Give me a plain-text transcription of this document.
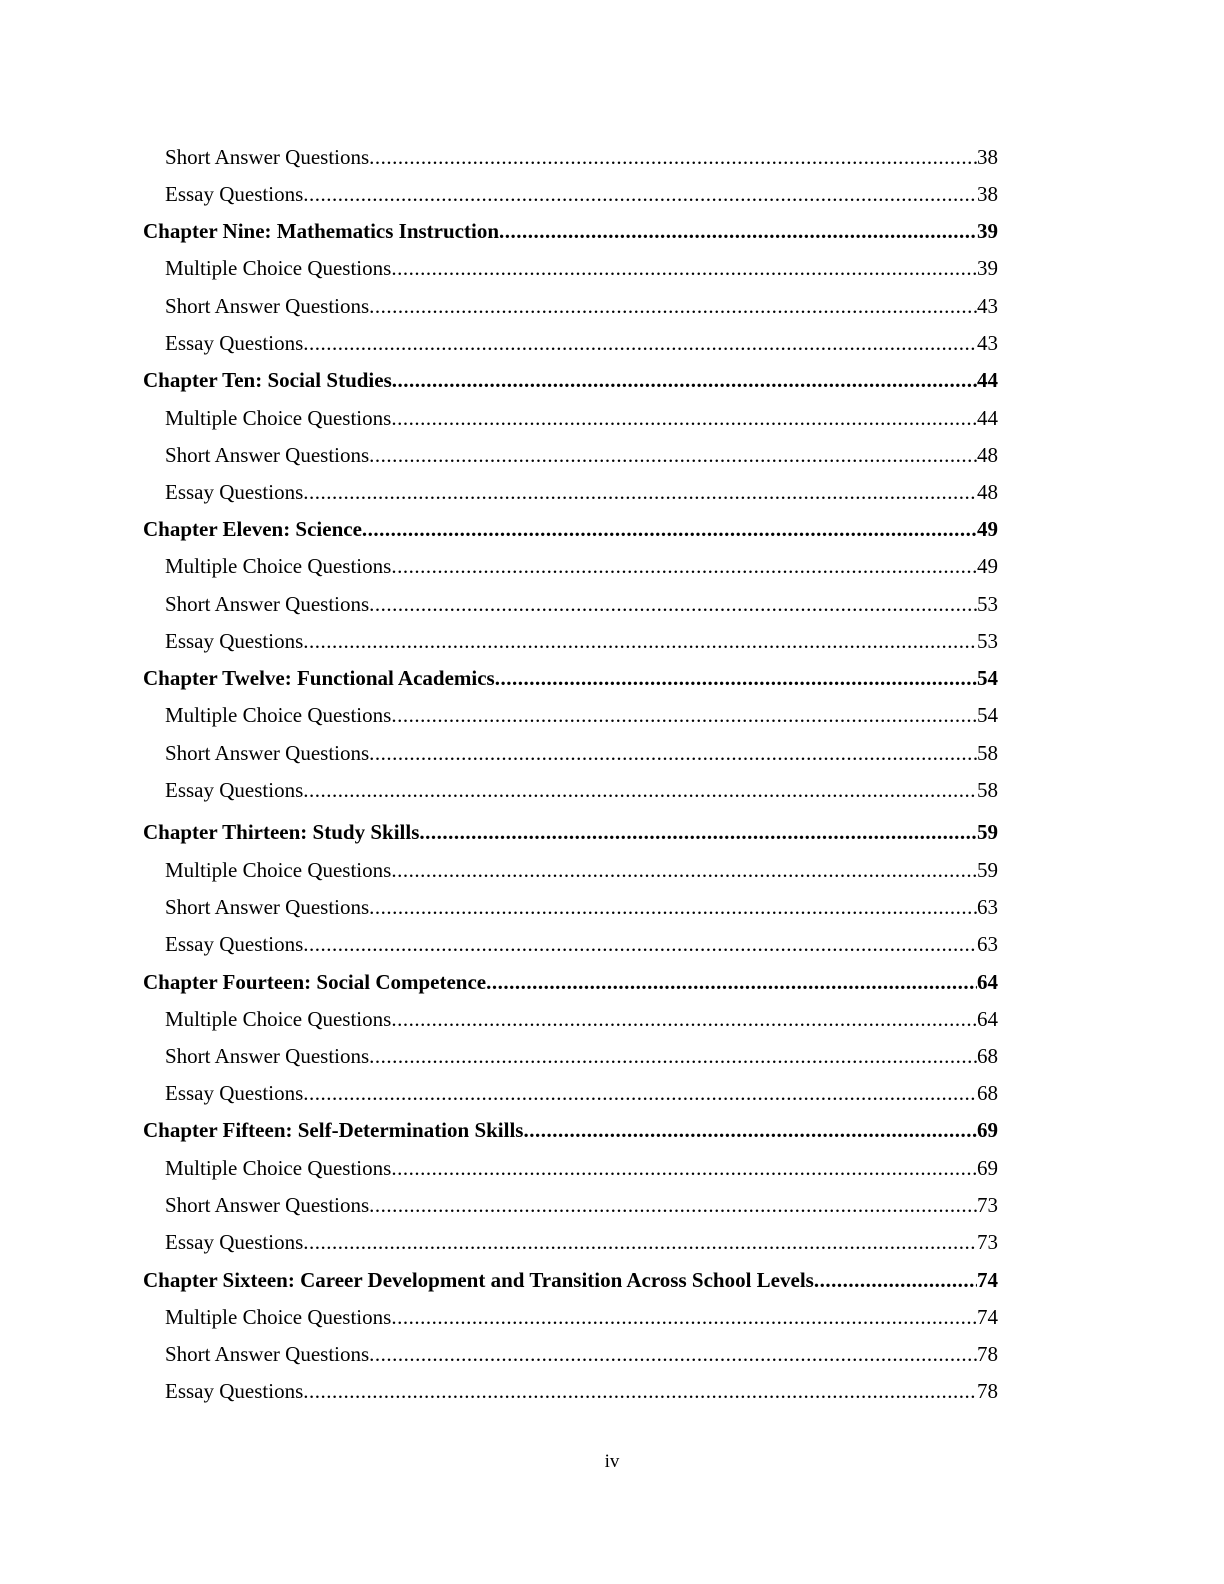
Short Answer Questions .....	38
Essay Questions .....	38
Chapter Nine: Mathematics Instruction .....	39
Multiple Choice Questions .....	39
Short Answer Questions .....	43
Essay Questions .....	43
Chapter Ten: Social Studies .....	44
Multiple Choice Questions .....	44
Short Answer Questions .....	48
Essay Questions .....	48
Chapter Eleven: Science .....	49
Multiple Choice Questions .....	49
Short Answer Questions .....	53
Essay Questions .....	53
Chapter Twelve: Functional Academics .....	54
Multiple Choice Questions .....	54
Short Answer Questions .....	58
Essay Questions .....	58
Chapter Thirteen: Study Skills .....	59
Multiple Choice Questions .....	59
Short Answer Questions .....	63
Essay Questions .....	63
Chapter Fourteen: Social Competence .....	64
Multiple Choice Questions .....	64
Short Answer Questions .....	68
Essay Questions .....	68
Chapter Fifteen: Self-Determination Skills .....	69
Multiple Choice Questions .....	69
Short Answer Questions .....	73
Essay Questions .....	73
Chapter Sixteen: Career Development and Transition Across School Levels .....	74
Multiple Choice Questions .....	74
Short Answer Questions .....	78
Essay Questions .....	78
iv
